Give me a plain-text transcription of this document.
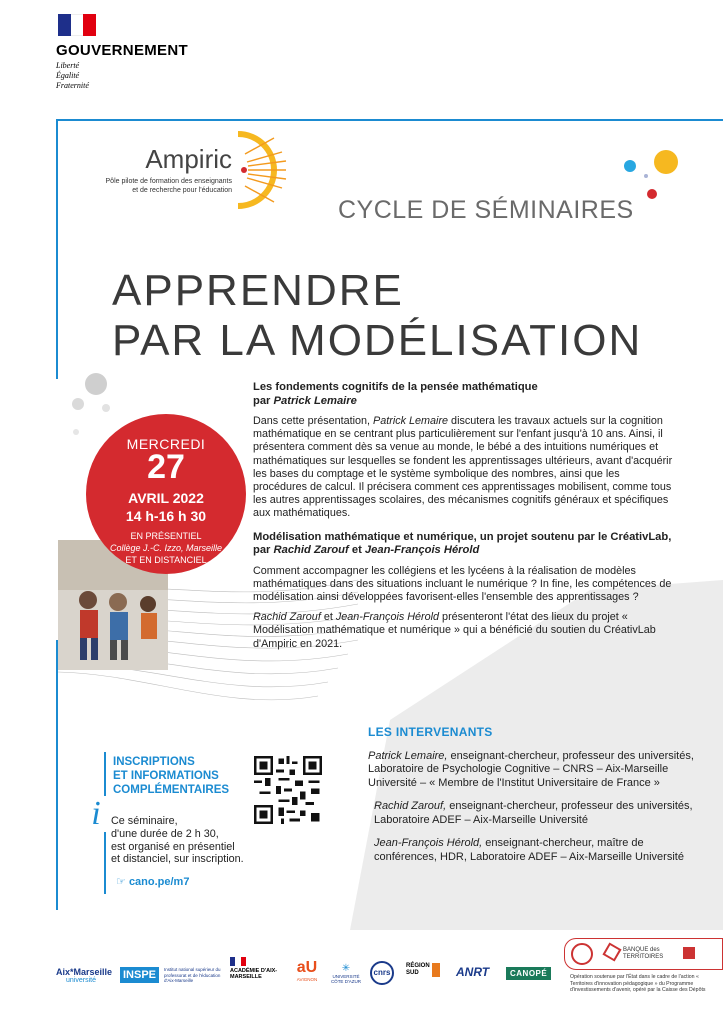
GOUVERNEMENT
Liberté
Égalité
Fraternité
Ampiric
Pôle pilote de formation des enseignants
et de recherche pour l'éducation
CYCLE DE SÉMINAIRES
APPRENDRE
PAR LA MODÉLISATION
MERCREDI
27
AVRIL 2022
14 h-16 h 30
EN PRÉSENTIEL
Collège J.-C. Izzo, Marseille
ET EN DISTANCIEL
Les fondements cognitifs de la pensée mathématique
par Patrick Lemaire

Dans cette présentation, Patrick Lemaire discutera les travaux actuels sur la cognition mathématique en se centrant plus particulièrement sur l'enfant jusqu'à 10 ans. Ainsi, il présentera comment dès sa venue au monde, le bébé a des intuitions numériques et mathématiques sur lesquelles se fondent les apprentissages ultérieurs, avant d'acquérir les bases du comptage et le système symbolique des nombres, ainsi que les procédures de calcul. Il précisera comment ces apprentissages mobilisent, comme tous les autres apprentissages scolaires, des mécanismes cognitifs généraux et spécifiques aux mathématiques.

Modélisation mathématique et numérique, un projet soutenu par le CréativLab, par Rachid Zarouf et Jean-François Hérold

Comment accompagner les collégiens et les lycéens à la réalisation de modèles mathématiques dans des situations incluant le numérique ? In fine, les compétences de modélisation ainsi développées favorisent-elles l'ensemble des apprentissages ?

Rachid Zarouf et Jean-François Hérold présenteront l'état des lieux du projet « Modélisation mathématique et numérique » qui a bénéficié du soutien du CréativLab d'Ampiric en 2021.

LES INTERVENANTS

Patrick Lemaire, enseignant-chercheur, professeur des universités, Laboratoire de Psychologie Cognitive – CNRS – Aix-Marseille Université – « Membre de l'Institut Universitaire de France »

Rachid Zarouf, enseignant-chercheur, professeur des universités, Laboratoire ADEF – Aix-Marseille Université

Jean-François Hérold, enseignant-chercheur, maître de conférences, HDR, Laboratoire ADEF – Aix-Marseille Université

i
INSCRIPTIONS
ET INFORMATIONS
COMPLÉMENTAIRES
Ce séminaire,
d'une durée de 2 h 30,
est organisé en présentiel
et distanciel, sur inscription.
☞ cano.pe/m7
Aix*Marseille
université	INSPE Institut national supérieur du professorat et de l'éducation d'Aix-Marseille
ACADÉMIE D'AIX-MARSEILLE
aU
AVIGNON
✳
UNIVERSITÉ CÔTE D'AZUR
cnrs
RÉGION SUD	ANRT	CANOPÉ
BANQUE des TERRITOIRES
Opération soutenue par l'État dans le cadre de l'action « Territoires d'innovation pédagogique » du Programme d'investissements d'avenir, opéré par la Caisse des Dépôts
